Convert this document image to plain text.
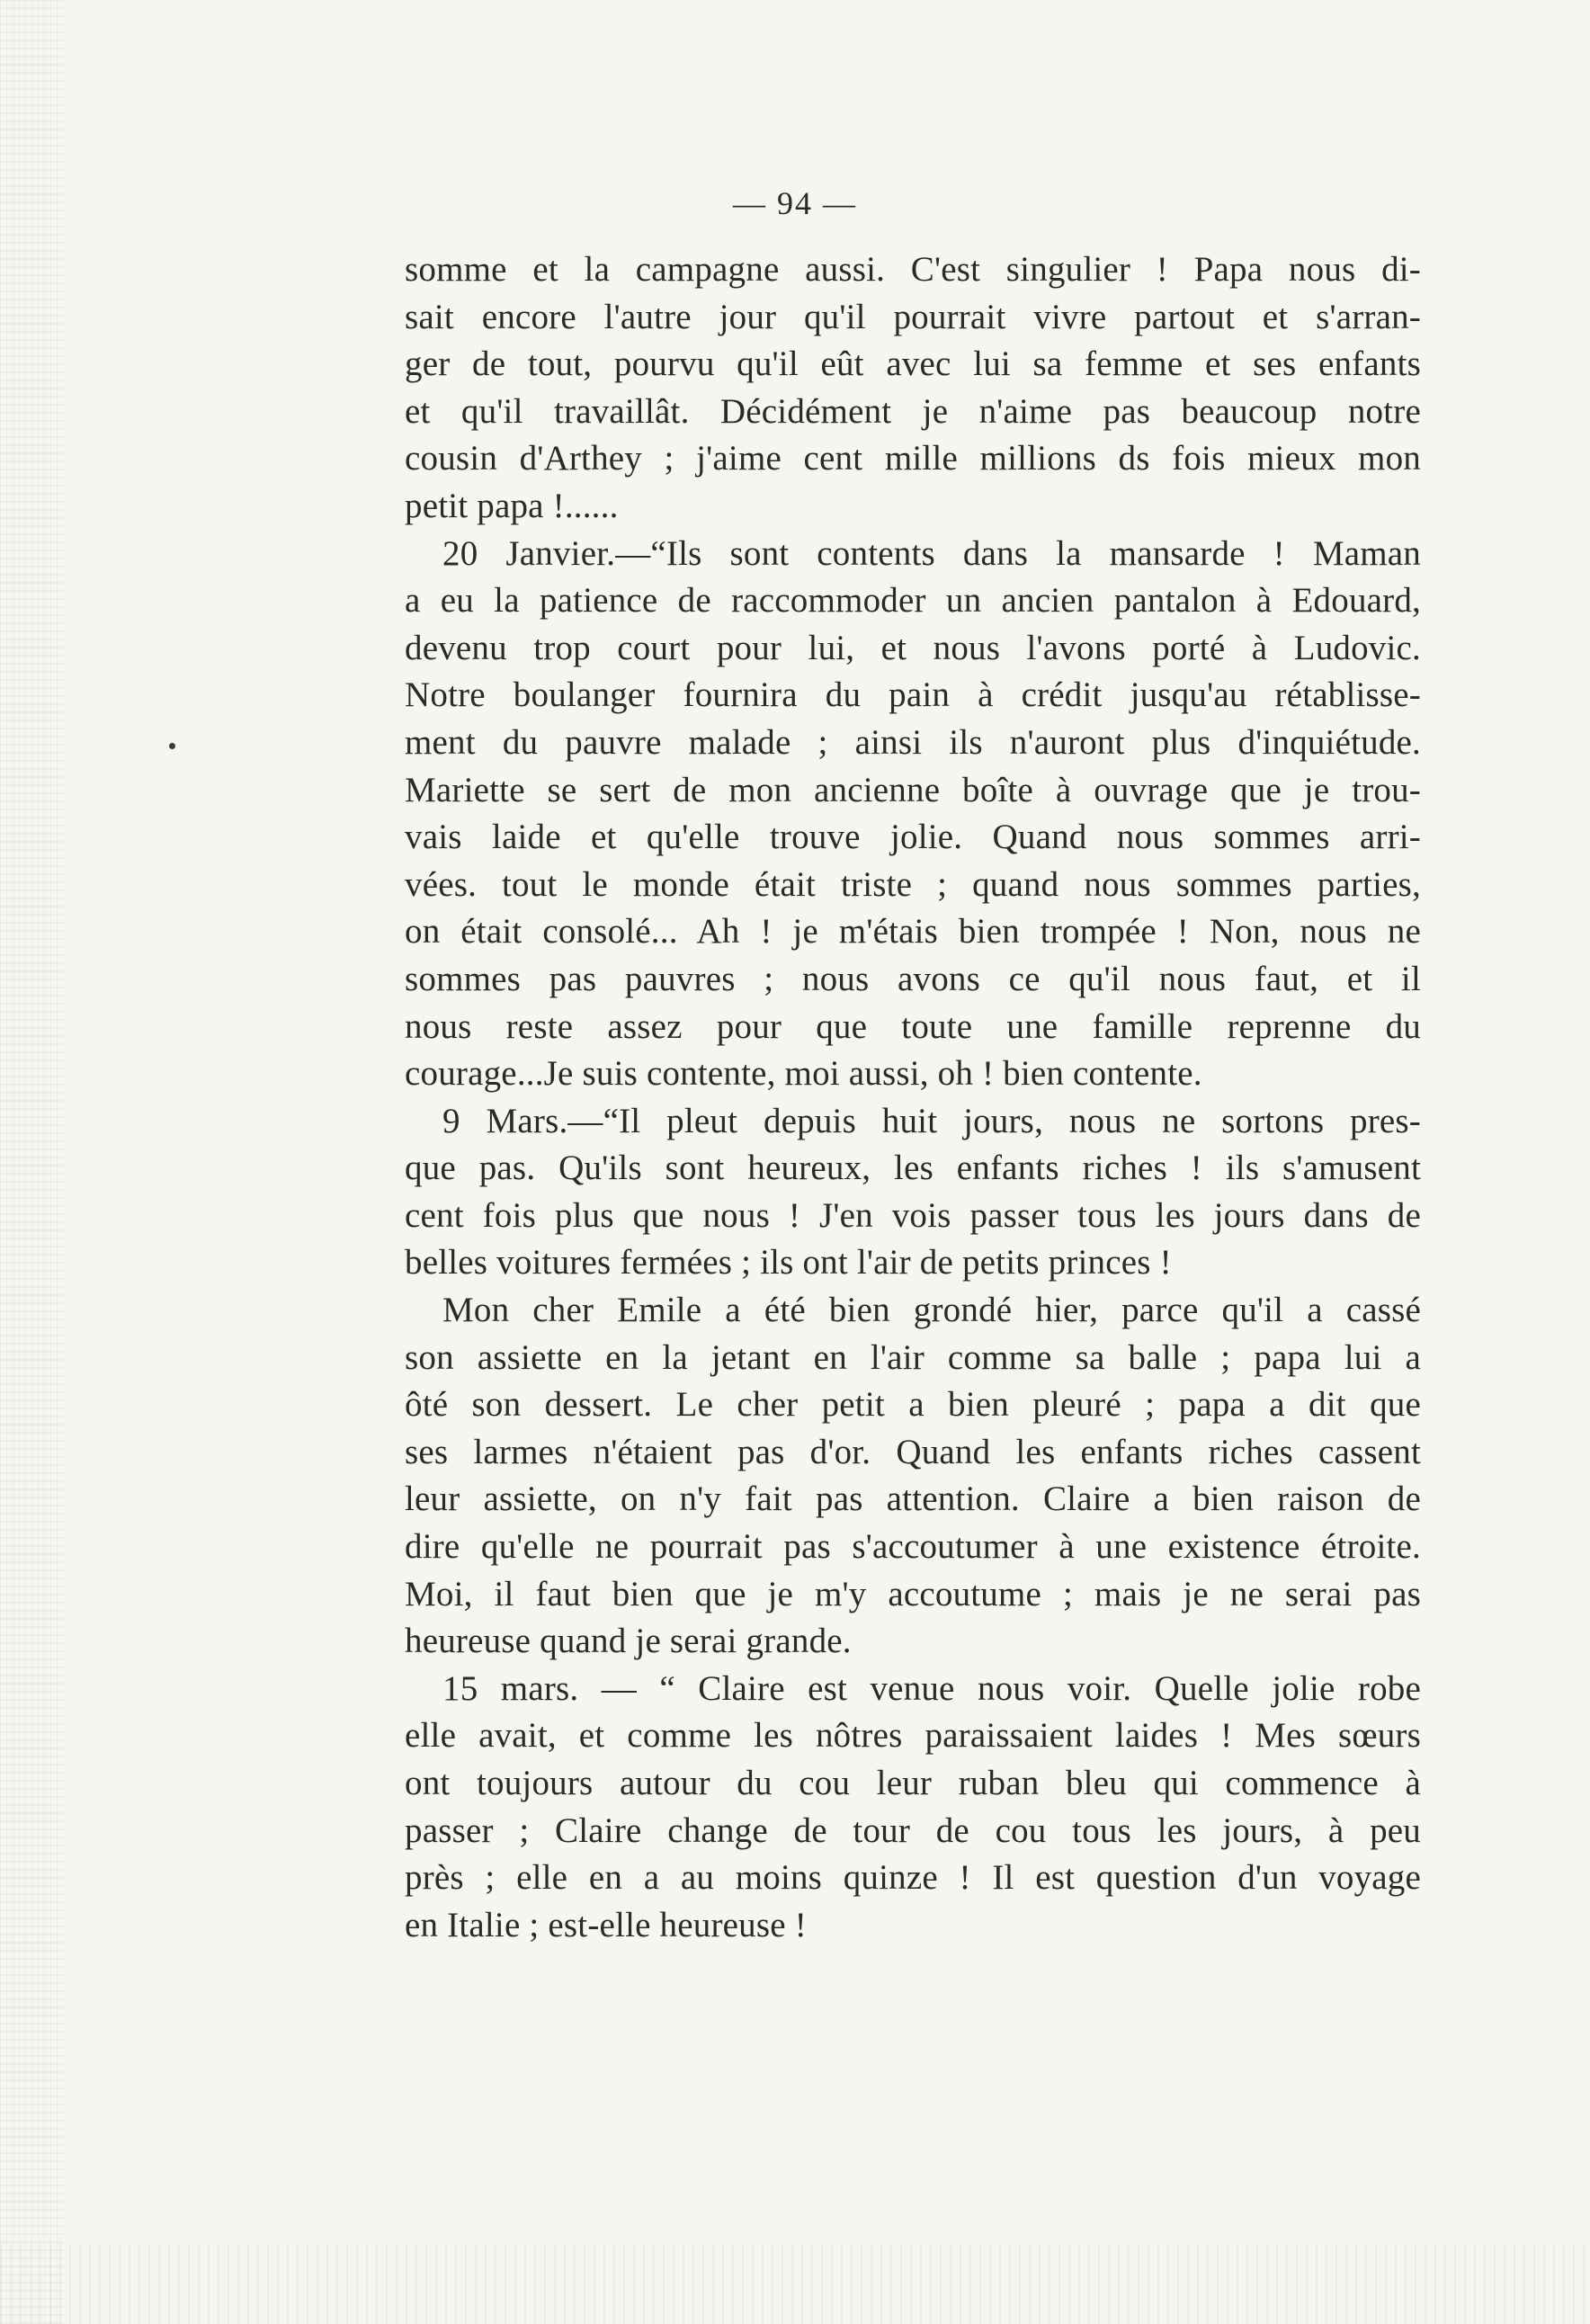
— 94 —
somme et la campagne aussi. C'est singulier ! Papa nous di-
sait encore l'autre jour qu'il pourrait vivre partout et s'arran-
ger de tout, pourvu qu'il eût avec lui sa femme et ses enfants
et qu'il travaillât. Décidément je n'aime pas beaucoup notre
cousin d'Arthey ; j'aime cent mille millions ds fois mieux mon
petit papa !......
20 Janvier.—“Ils sont contents dans la mansarde ! Maman
a eu la patience de raccommoder un ancien pantalon à Edouard,
devenu trop court pour lui, et nous l'avons porté à Ludovic.
Notre boulanger fournira du pain à crédit jusqu'au rétablisse-
ment du pauvre malade ; ainsi ils n'auront plus d'inquiétude.
Mariette se sert de mon ancienne boîte à ouvrage que je trou-
vais laide et qu'elle trouve jolie. Quand nous sommes arri-
vées. tout le monde était triste ; quand nous sommes parties,
on était consolé... Ah ! je m'étais bien trompée ! Non, nous ne
sommes pas pauvres ; nous avons ce qu'il nous faut, et il
nous reste assez pour que toute une famille reprenne du
courage...Je suis contente, moi aussi, oh ! bien contente.
9 Mars.—“Il pleut depuis huit jours, nous ne sortons pres-
que pas. Qu'ils sont heureux, les enfants riches ! ils s'amusent
cent fois plus que nous ! J'en vois passer tous les jours dans de
belles voitures fermées ; ils ont l'air de petits princes !
Mon cher Emile a été bien grondé hier, parce qu'il a cassé
son assiette en la jetant en l'air comme sa balle ; papa lui a
ôté son dessert. Le cher petit a bien pleuré ; papa a dit que
ses larmes n'étaient pas d'or. Quand les enfants riches cassent
leur assiette, on n'y fait pas attention. Claire a bien raison de
dire qu'elle ne pourrait pas s'accoutumer à une existence étroite.
Moi, il faut bien que je m'y accoutume ; mais je ne serai pas
heureuse quand je serai grande.
15 mars. — “ Claire est venue nous voir. Quelle jolie robe
elle avait, et comme les nôtres paraissaient laides ! Mes sœurs
ont toujours autour du cou leur ruban bleu qui commence à
passer ; Claire change de tour de cou tous les jours, à peu
près ; elle en a au moins quinze ! Il est question d'un voyage
en Italie ; est-elle heureuse !
